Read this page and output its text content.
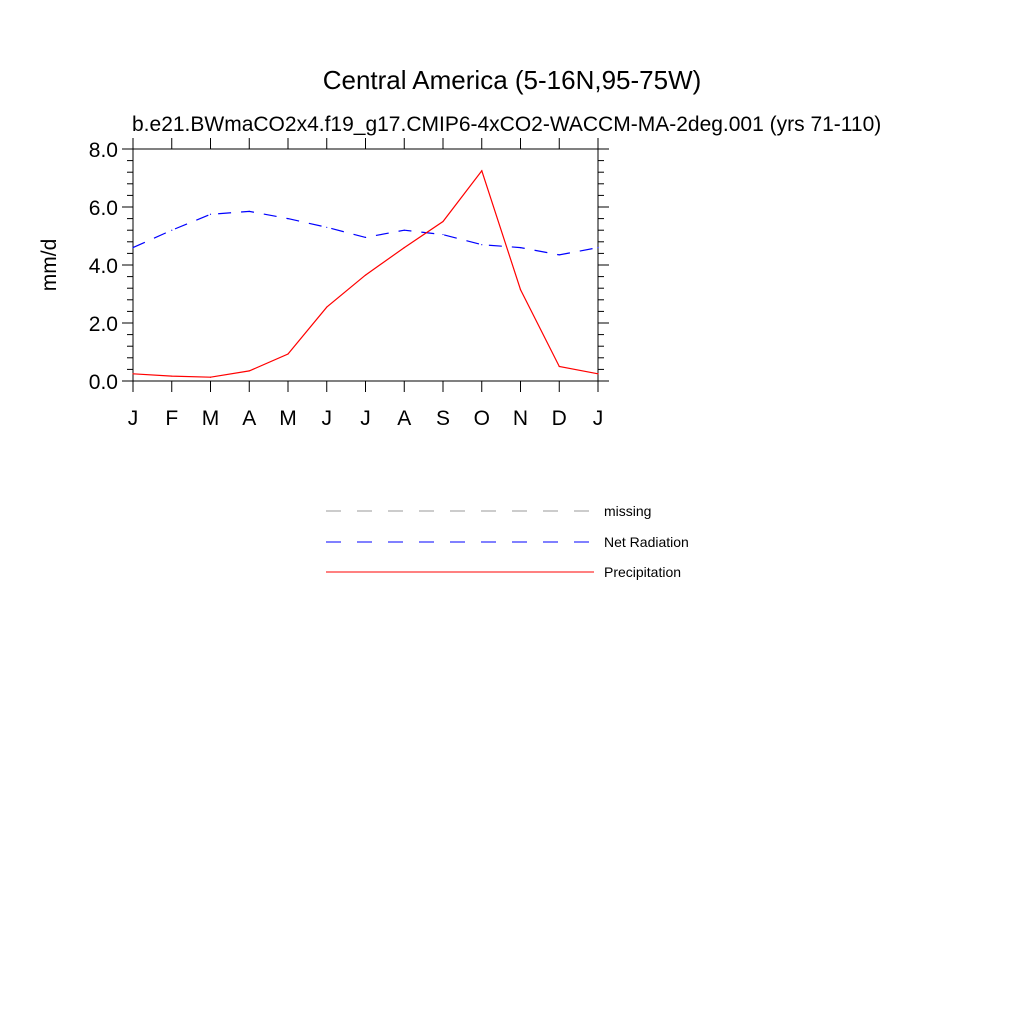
Central America (5-16N,95-75W)
b.e21.BWmaCO2x4.f19_g17.CMIP6-4xCO2-WACCM-MA-2deg.001 (yrs 71-110)
mm/d
0.0
2.0
4.0
6.0
8.0
J F M A M J J A S O N D J
missing
Net Radiation
Precipitation
